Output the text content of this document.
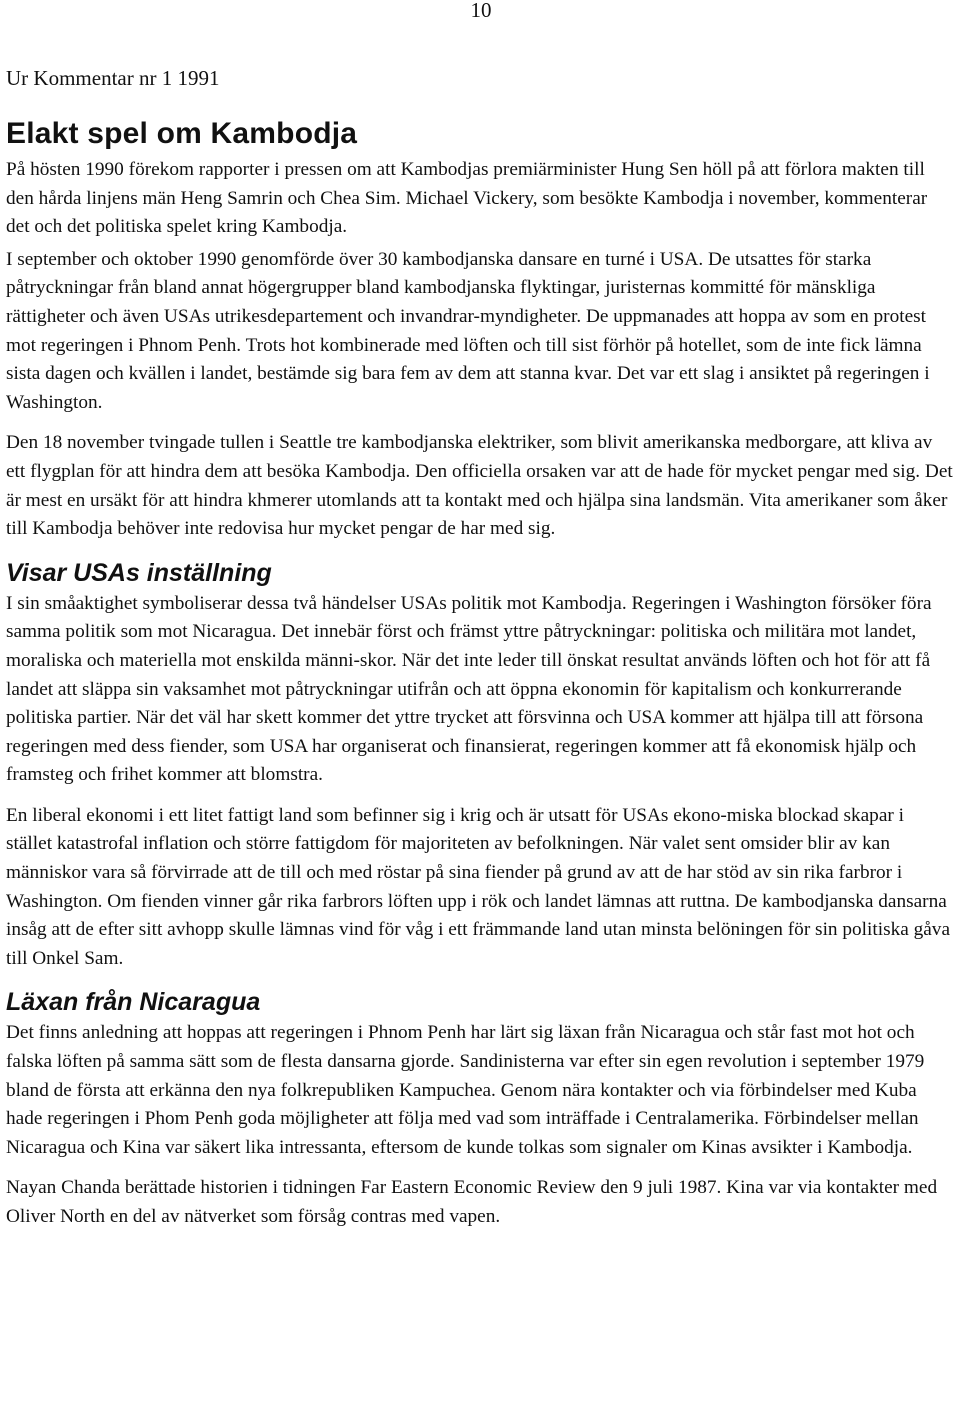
10
Ur Kommentar nr 1 1991
Elakt spel om Kambodja

På hösten 1990 förekom rapporter i pressen om att Kambodjas premiärminister Hung Sen höll på att förlora makten till den hårda linjens män Heng Samrin och Chea Sim. Michael Vickery, som besökte Kambodja i november, kommenterar det och det politiska spelet kring Kambodja.

I september och oktober 1990 genomförde över 30 kambodjanska dansare en turné i USA. De utsattes för starka påtryckningar från bland annat högergrupper bland kambodjanska flyktingar, juristernas kommitté för mänskliga rättigheter och även USAs utrikesdepartement och invandrar-myndigheter. De uppmanades att hoppa av som en protest mot regeringen i Phnom Penh. Trots hot kombinerade med löften och till sist förhör på hotellet, som de inte fick lämna sista dagen och kvällen i landet, bestämde sig bara fem av dem att stanna kvar. Det var ett slag i ansiktet på regeringen i Washington.

Den 18 november tvingade tullen i Seattle tre kambodjanska elektriker, som blivit amerikanska medborgare, att kliva av ett flygplan för att hindra dem att besöka Kambodja. Den officiella orsaken var att de hade för mycket pengar med sig. Det är mest en ursäkt för att hindra khmerer utomlands att ta kontakt med och hjälpa sina landsmän. Vita amerikaner som åker till Kambodja behöver inte redovisa hur mycket pengar de har med sig.

Visar USAs inställning

I sin småaktighet symboliserar dessa två händelser USAs politik mot Kambodja. Regeringen i Washington försöker föra samma politik som mot Nicaragua. Det innebär först och främst yttre påtryckningar: politiska och militära mot landet, moraliska och materiella mot enskilda männi-skor. När det inte leder till önskat resultat används löften och hot för att få landet att släppa sin vaksamhet mot påtryckningar utifrån och att öppna ekonomin för kapitalism och konkurrerande politiska partier. När det väl har skett kommer det yttre trycket att försvinna och USA kommer att hjälpa till att försona regeringen med dess fiender, som USA har organiserat och finansierat, regeringen kommer att få ekonomisk hjälp och framsteg och frihet kommer att blomstra.

En liberal ekonomi i ett litet fattigt land som befinner sig i krig och är utsatt för USAs ekono-miska blockad skapar i stället katastrofal inflation och större fattigdom för majoriteten av befolkningen. När valet sent omsider blir av kan människor vara så förvirrade att de till och med röstar på sina fiender på grund av att de har stöd av sin rika farbror i Washington. Om fienden vinner går rika farbrors löften upp i rök och landet lämnas att ruttna. De kambodjanska dansarna insåg att de efter sitt avhopp skulle lämnas vind för våg i ett främmande land utan minsta belöningen för sin politiska gåva till Onkel Sam.

Läxan från Nicaragua

Det finns anledning att hoppas att regeringen i Phnom Penh har lärt sig läxan från Nicaragua och står fast mot hot och falska löften på samma sätt som de flesta dansarna gjorde. Sandinisterna var efter sin egen revolution i september 1979 bland de första att erkänna den nya folkrepubliken Kampuchea. Genom nära kontakter och via förbindelser med Kuba hade regeringen i Phom Penh goda möjligheter att följa med vad som inträffade i Centralamerika. Förbindelser mellan Nicaragua och Kina var säkert lika intressanta, eftersom de kunde tolkas som signaler om Kinas avsikter i Kambodja.

Nayan Chanda berättade historien i tidningen Far Eastern Economic Review den 9 juli 1987. Kina var via kontakter med Oliver North en del av nätverket som försåg contras med vapen.
